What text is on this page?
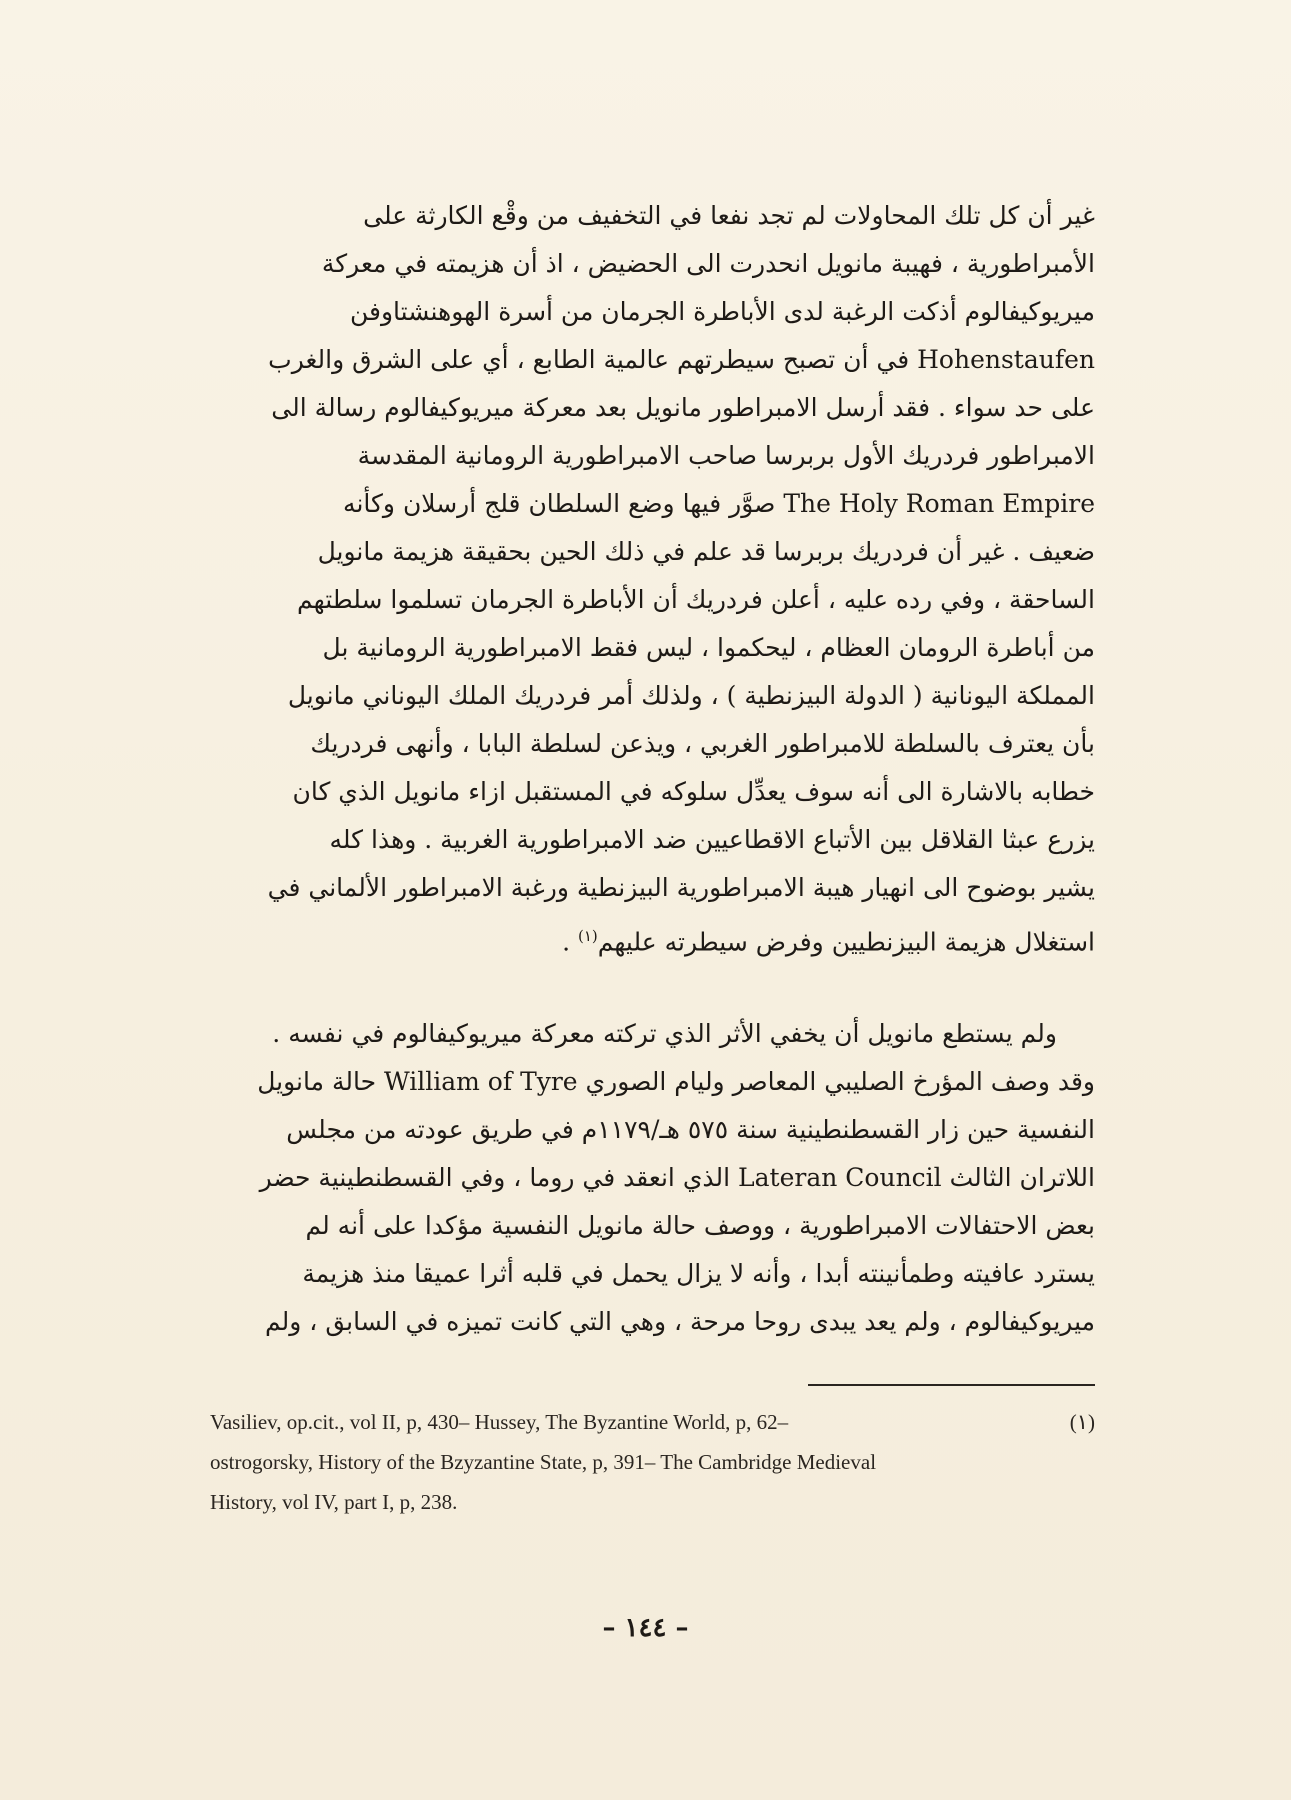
غير أن كل تلك المحاولات لم تجد نفعا في التخفيف من وقْع الكارثة على
الأمبراطورية ، فهيبة مانويل انحدرت الى الحضيض ، اذ أن هزيمته في معركة
ميريوكيفالوم أذكت الرغبة لدى الأباطرة الجرمان من أسرة الهوهنشتاوفن
Hohenstaufen في أن تصبح سيطرتهم عالمية الطابع ، أي على الشرق والغرب
على حد سواء . فقد أرسل الامبراطور مانويل بعد معركة ميريوكيفالوم رسالة الى
الامبراطور فردريك الأول بربرسا صاحب الامبراطورية الرومانية المقدسة
The Holy Roman Empire صوَّر فيها وضع السلطان قلج أرسلان وكأنه
ضعيف . غير أن فردريك بربرسا قد علم في ذلك الحين بحقيقة هزيمة مانويل
الساحقة ، وفي رده عليه ، أعلن فردريك أن الأباطرة الجرمان تسلموا سلطتهم
من أباطرة الرومان العظام ، ليحكموا ، ليس فقط الامبراطورية الرومانية بل
المملكة اليونانية ( الدولة البيزنطية ) ، ولذلك أمر فردريك الملك اليوناني مانويل
بأن يعترف بالسلطة للامبراطور الغربي ، ويذعن لسلطة البابا ، وأنهى فردريك
خطابه بالاشارة الى أنه سوف يعدِّل سلوكه في المستقبل ازاء مانويل الذي كان
يزرع عبثا القلاقل بين الأتباع الاقطاعيين ضد الامبراطورية الغربية . وهذا كله
يشير بوضوح الى انهيار هيبة الامبراطورية البيزنطية ورغبة الامبراطور الألماني في
استغلال هزيمة البيزنطيين وفرض سيطرته عليهم$^{(١)}$ .
ولم يستطع مانويل أن يخفي الأثر الذي تركته معركة ميريوكيفالوم في نفسه .
وقد وصف المؤرخ الصليبي المعاصر وليام الصوري William of Tyre حالة مانويل
النفسية حين زار القسطنطينية سنة ٥٧٥ هـ/١١٧٩م في طريق عودته من مجلس
اللاتران الثالث Lateran Council الذي انعقد في روما ، وفي القسطنطينية حضر
بعض الاحتفالات الامبراطورية ، ووصف حالة مانويل النفسية مؤكدا على أنه لم
يسترد عافيته وطمأنينته أبدا ، وأنه لا يزال يحمل في قلبه أثرا عميقا منذ هزيمة
ميريوكيفالوم ، ولم يعد يبدى روحا مرحة ، وهي التي كانت تميزه في السابق ، ولم
(١)
Vasiliev, op.cit., vol II, p, 430– Hussey, The Byzantine World, p, 62–
ostrogorsky, History of the Bzyzantine State, p, 391– The Cambridge Medieval
History, vol IV, part I, p, 238.
– ١٤٤ –
